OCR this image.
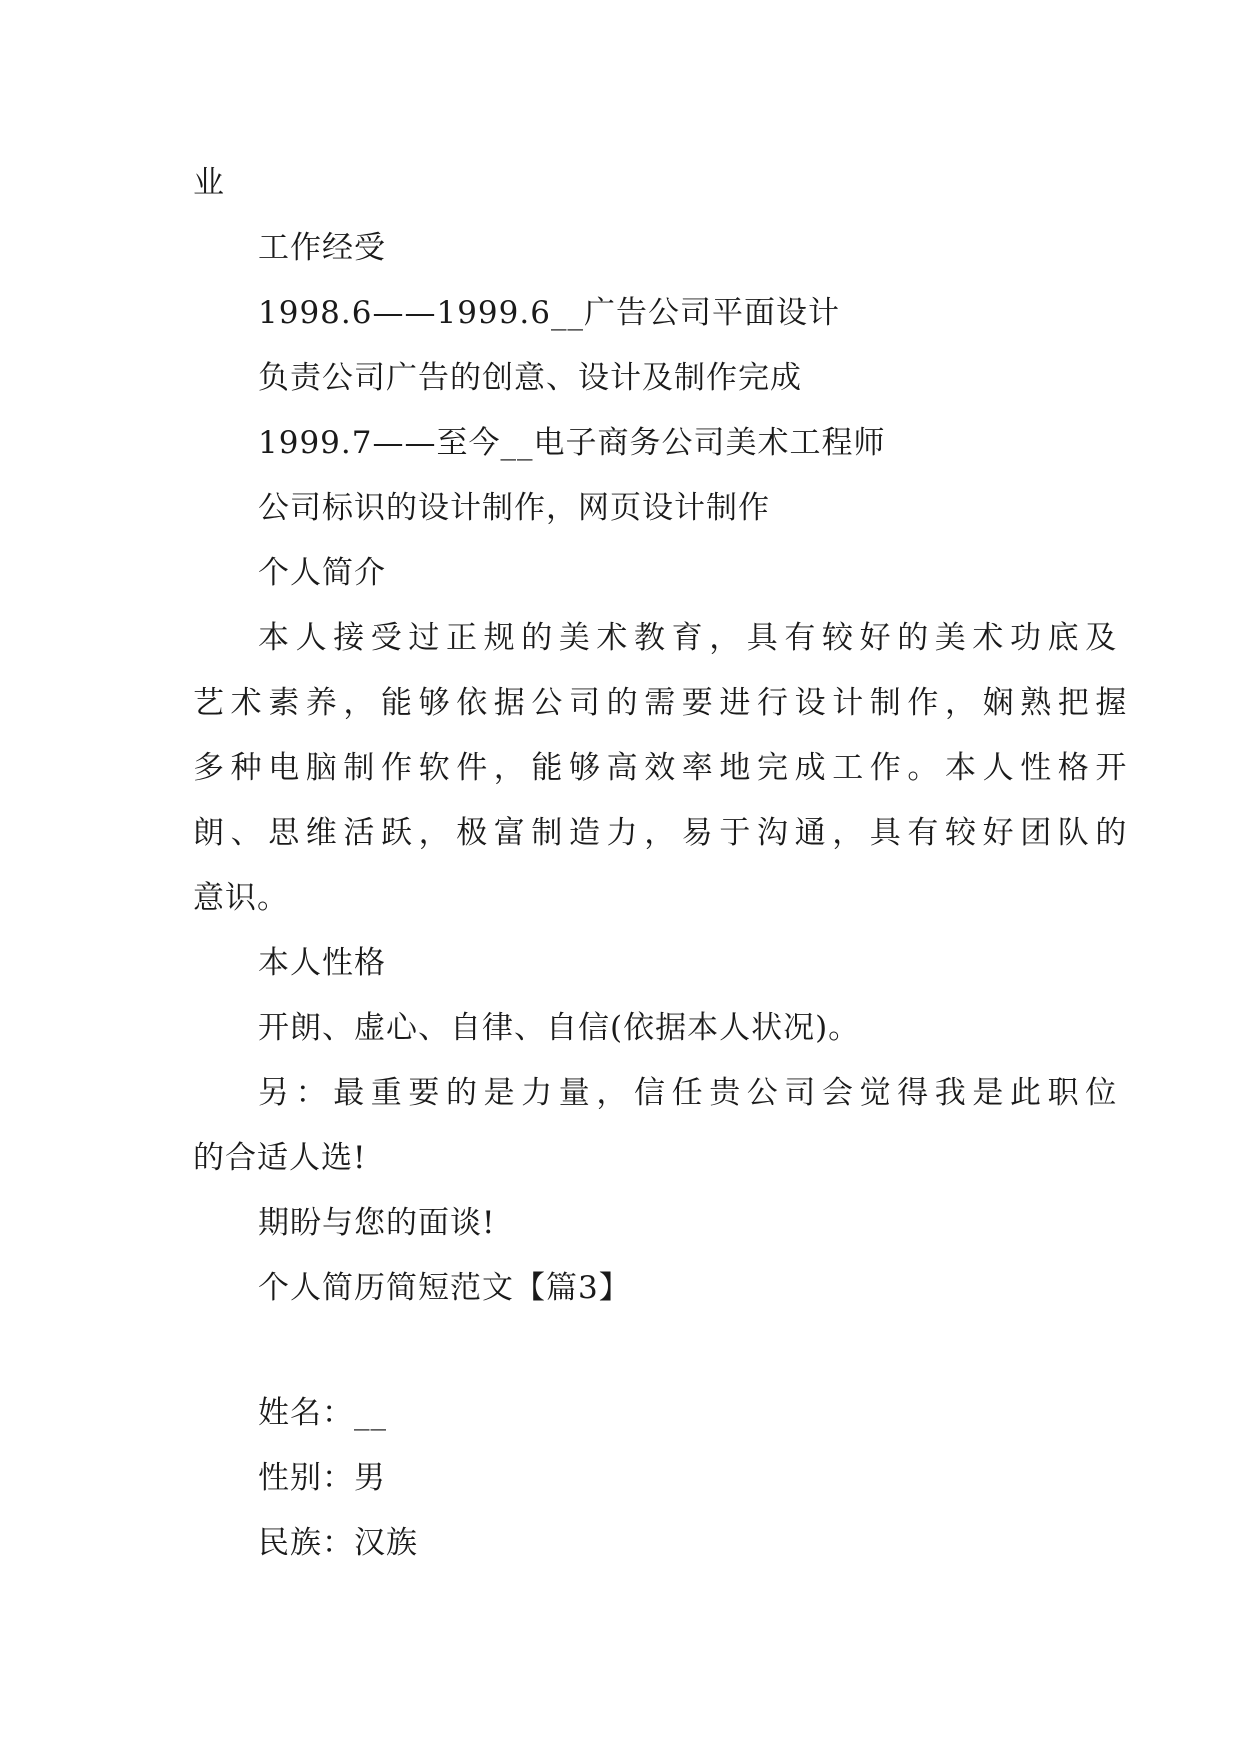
业
工作经受
1998.6——1999.6__广告公司平面设计
负责公司广告的创意、设计及制作完成
1999.7——至今__电子商务公司美术工程师
公司标识的设计制作，网页设计制作
个人简介
本人接受过正规的美术教育，具有较好的美术功底及
艺术素养，能够依据公司的需要进行设计制作，娴熟把握
多种电脑制作软件，能够高效率地完成工作。本人性格开
朗、思维活跃，极富制造力，易于沟通，具有较好团队的
意识。
本人性格
开朗、虚心、自律、自信(依据本人状况)。
另：最重要的是力量，信任贵公司会觉得我是此职位
的合适人选!
期盼与您的面谈!
个人简历简短范文【篇3】
姓名：__
性别：男
民族：汉族
